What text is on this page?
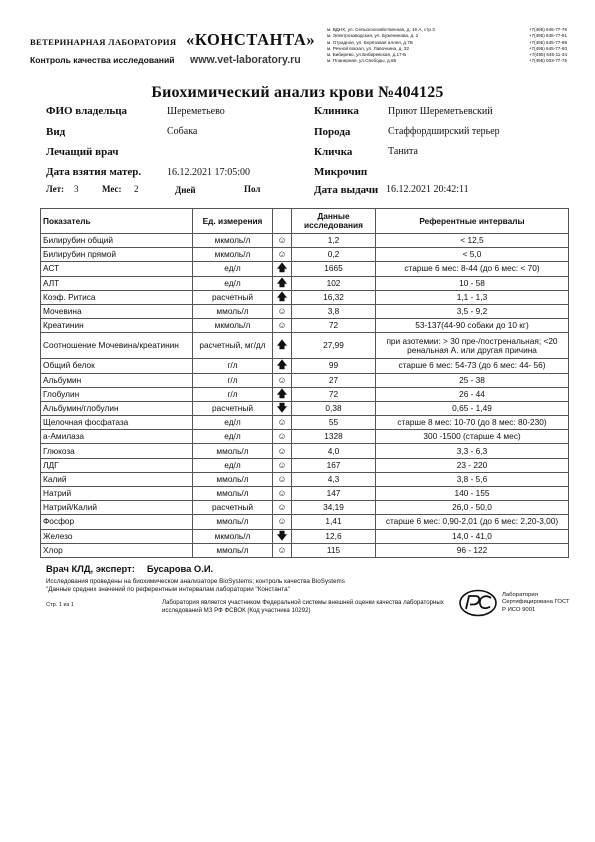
ВЕТЕРИНАРНАЯ ЛАБОРАТОРИЯ «КОНСТАНТА»
Контроль качества исследований www.vet-laboratory.ru
м. ВДНХ, ул. Сельскохозяйственная, д. 16 А, стр.3	+7(495) 645-77-76
м. Электрозаводская, ул. Буженинова, д. 2	+7(495) 645-77-91
м. Отрадное, ул. Берёзовая аллея, д.7Б	+7(495) 645-77-98
м. Речной вокзал, ул. Лавочкина, д. 32	+7(495) 645-77-60
м. Бибирево, ул.Бибиревская, д.17-Б	+7(495) 645-11-34
м. Планерная, ул.Свободы, д.65	+7(495) 003-77-75
Биохимический анализ крови №404125
ФИО владельца	Шереметьево	Клиника	Приют Шереметьевский
Вид	Собака	Порода	Стаффордширский терьер
Лечащий врач	Кличка	Танита
Дата взятия матер.	16.12.2021 17:05:00	Микрочип
Лет: 3	Мес: 2	Дней	Пол	Дата выдачи 16.12.2021 20:42:11
Показатель	Ед. измерения		Данные исследования	Референтные интервалы
Билирубин общий	мкмоль/л	☺	1,2	< 12,5
Билирубин прямой	мкмоль/л	☺	0,2	< 5,0
АСТ	ед/л	🡅	1665	старше 6 мес: 8-44 (до 6 мес: < 70)
АЛТ	ед/л	🡅	102	10 - 58
Коэф. Ритиса	расчетный	🡅	16,32	1,1 - 1,3
Мочевина	ммоль/л	☺	3,8	3,5 - 9,2
Креатинин	мкмоль/л	☺	72	53-137(44-90 собаки до 10 кг)
Соотношение Мочевина/креатинин	расчетный, мг/дл	🡅	27,99	при азотемии: > 30 пре-/постренальная; <20 ренальная А. или другая причина
Общий белок	г/л	🡅	99	старше 6 мес: 54-73 (до 6 мес: 44- 56)
Альбумин	г/л	☺	27	25 - 38
Глобулин	г/л	🡅	72	26 - 44
Альбумин/глобулин	расчетный	🡇	0,38	0,65 - 1,49
Щелочная фосфатаза	ед/л	☺	55	старше 8 мес: 10-70 (до 8 мес: 80-230)
а-Амилаза	ед/л	☺	1328	300 -1500 (старше 4 мес)
Глюкоза	ммоль/л	☺	4,0	3,3 - 6,3
ЛДГ	ед/л	☺	167	23 - 220
Калий	ммоль/л	☺	4,3	3,8 - 5,6
Натрий	ммоль/л	☺	147	140 - 155
Натрий/Калий	расчетный	☺	34,19	26,0 - 50,0
Фосфор	ммоль/л	☺	1,41	старше 6 мес: 0,90-2,01 (до 6 мес: 2,20-3,00)
Железо	мкмоль/л	🡇	12,6	14,0 - 41,0
Хлор	ммоль/л	☺	115	96 - 122
Врач КЛД, эксперт: Бусарова О.И.
Исследования проведены на биохимическом анализаторе BioSystems; контроль качества BioSystems
"Данные средних значений по референтным интервалам лаборатории "Константа"
Стр. 1 из 1	Лаборатория является участником Федеральной системы внешней оценки качества лабораторных исследований МЗ РФ ФСВОК (Код участника 10292)
Лаборатория Сертифицирована ГОСТ Р ИСО 9001
